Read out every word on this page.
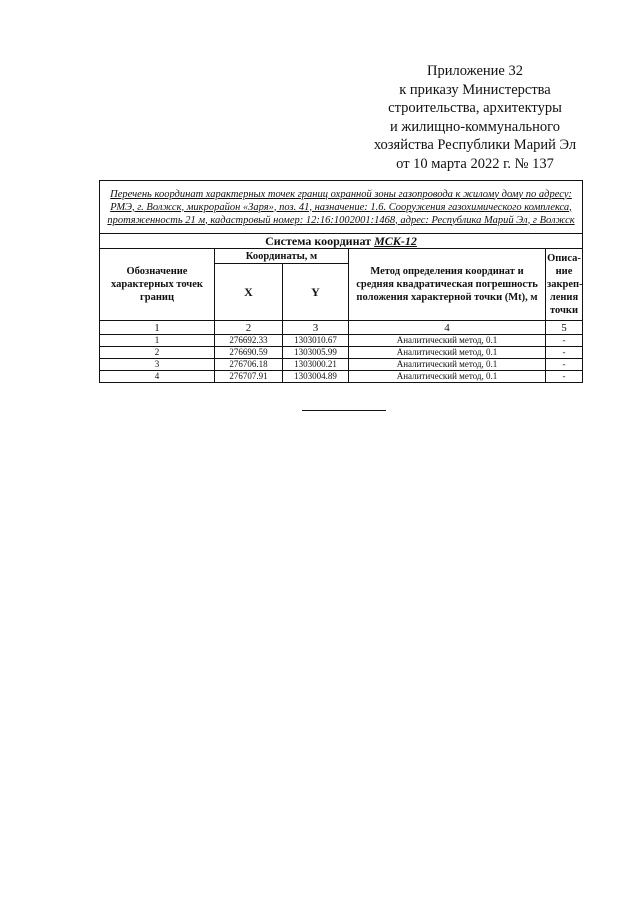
Приложение 32
к приказу Министерства
строительства, архитектуры
и жилищно-коммунального
хозяйства Республики Марий Эл
от 10 марта 2022 г. № 137
Перечень координат характерных точек границ охранной зоны газопровода к жилому дому по адресу: РМЭ, г. Волжск, микрорайон «Заря», поз. 41, назначение: 1.6. Сооружения газохимического комплекса, протяженность 21 м, кадастровый номер: 12:16:1002001:1468, адрес: Республика Марий Эл, г Волжск				
Система координат МСК-12				
Обозначение характерных точек границ	Координаты, м		Метод определения координат и средняя квадратическая погрешность положения характерной точки (Mt), м	Описа-ние закреп-ления точки
	X	Y		
1	2	3	4	5
1	276692.33	1303010.67	Аналитический метод, 0.1	-
2	276690.59	1303005.99	Аналитический метод, 0.1	-
3	276706.18	1303000.21	Аналитический метод, 0.1	-
4	276707.91	1303004.89	Аналитический метод, 0.1	-
